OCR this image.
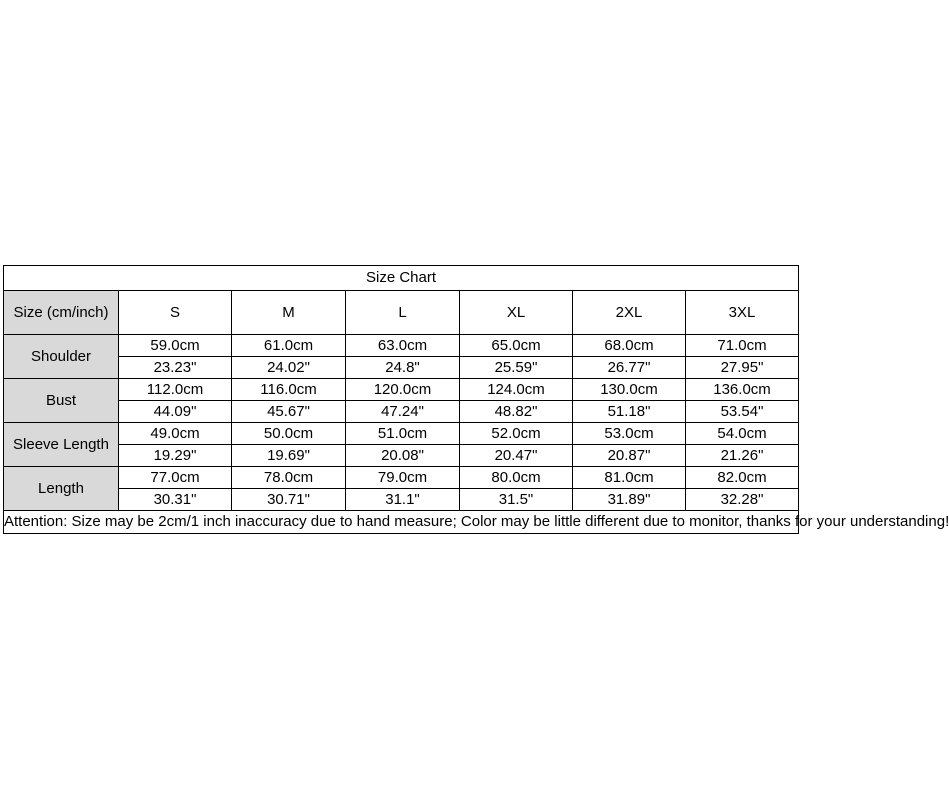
Size Chart						
Size (cm/inch)	S	M	L	XL	2XL	3XL
Shoulder	59.0cm	61.0cm	63.0cm	65.0cm	68.0cm	71.0cm
	23.23"	24.02"	24.8"	25.59"	26.77"	27.95"
Bust	112.0cm	116.0cm	120.0cm	124.0cm	130.0cm	136.0cm
	44.09"	45.67"	47.24"	48.82"	51.18"	53.54"
Sleeve Length	49.0cm	50.0cm	51.0cm	52.0cm	53.0cm	54.0cm
	19.29"	19.69"	20.08"	20.47"	20.87"	21.26"
Length	77.0cm	78.0cm	79.0cm	80.0cm	81.0cm	82.0cm
	30.31"	30.71"	31.1"	31.5"	31.89"	32.28"
Attention: Size may be 2cm/1 inch inaccuracy due to hand measure; Color may be little different due to monitor, thanks for your understanding!						
